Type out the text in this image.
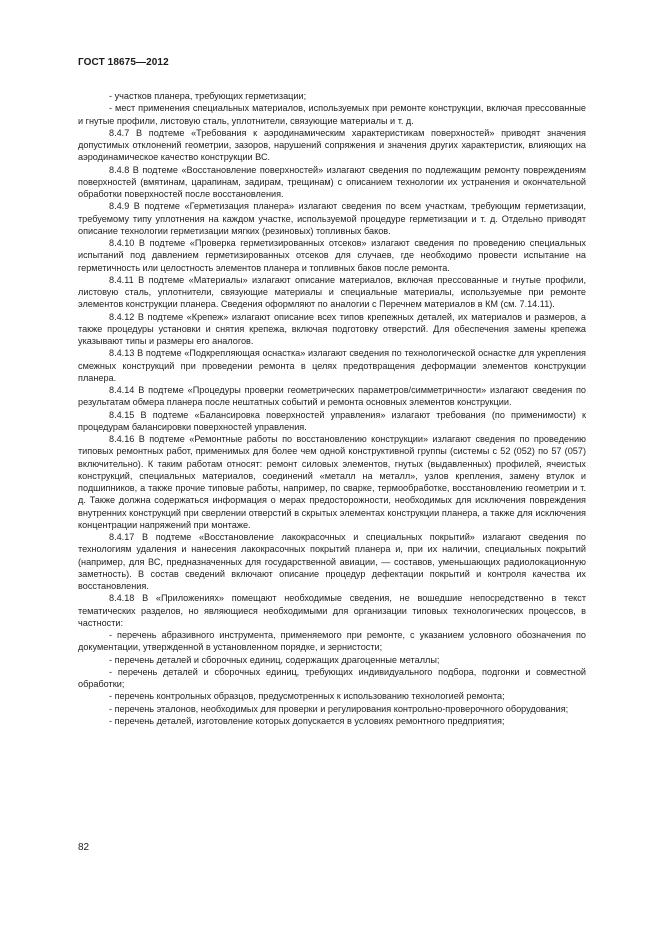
ГОСТ 18675—2012

- участков планера, требующих герметизации;

- мест применения специальных материалов, используемых при ремонте конструкции, включая прессованные и гнутые профили, листовую сталь, уплотнители, связующие материалы и т. д.

8.4.7 В подтеме «Требования к аэродинамическим характеристикам поверхностей» приводят значения допустимых отклонений геометрии, зазоров, нарушений сопряжения и значения других характеристик, влияющих на аэродинамическое качество конструкции ВС.

8.4.8 В подтеме «Восстановление поверхностей» излагают сведения по подлежащим ремонту повреждениям поверхностей (вмятинам, царапинам, задирам, трещинам) с описанием технологии их устранения и окончательной обработки поверхностей после восстановления.

8.4.9 В подтеме «Герметизация планера» излагают сведения по всем участкам, требующим герметизации, требуемому типу уплотнения на каждом участке, используемой процедуре герметизации и т. д. Отдельно приводят описание технологии герметизации мягких (резиновых) топливных баков.

8.4.10 В подтеме «Проверка герметизированных отсеков» излагают сведения по проведению специальных испытаний под давлением герметизированных отсеков для случаев, где необходимо провести испытание на герметичность или целостность элементов планера и топливных баков после ремонта.

8.4.11 В подтеме «Материалы» излагают описание материалов, включая прессованные и гнутые профили, листовую сталь, уплотнители, связующие материалы и специальные материалы, используемые при ремонте элементов конструкции планера. Сведения оформляют по аналогии с Перечнем материалов в КМ (см. 7.14.11).

8.4.12 В подтеме «Крепеж» излагают описание всех типов крепежных деталей, их материалов и размеров, а также процедуры установки и снятия крепежа, включая подготовку отверстий. Для обеспечения замены крепежа указывают типы и размеры его аналогов.

8.4.13 В подтеме «Подкрепляющая оснастка» излагают сведения по технологической оснастке для укрепления смежных конструкций при проведении ремонта в целях предотвращения деформации элементов конструкции планера.

8.4.14 В подтеме «Процедуры проверки геометрических параметров/симметричности» излагают сведения по результатам обмера планера после нештатных событий и ремонта основных элементов конструкции.

8.4.15 В подтеме «Балансировка поверхностей управления» излагают требования (по применимости) к процедурам балансировки поверхностей управления.

8.4.16 В подтеме «Ремонтные работы по восстановлению конструкции» излагают сведения по проведению типовых ремонтных работ, применимых для более чем одной конструктивной группы (системы с 52 (052) по 57 (057) включительно). К таким работам относят: ремонт силовых элементов, гнутых (выдавленных) профилей, ячеистых конструкций, специальных материалов, соединений «металл на металл», узлов крепления, замену втулок и подшипников, а также прочие типовые работы, например, по сварке, термообработке, восстановлению геометрии и т. д. Также должна содержаться информация о мерах предосторожности, необходимых для исключения повреждения внутренних конструкций при сверлении отверстий в скрытых элементах конструкции планера, а также для исключения концентрации напряжений при монтаже.

8.4.17 В подтеме «Восстановление лакокрасочных и специальных покрытий» излагают сведения по технологиям удаления и нанесения лакокрасочных покрытий планера и, при их наличии, специальных покрытий (например, для ВС, предназначенных для государственной авиации, — составов, уменьшающих радиолокационную заметность). В состав сведений включают описание процедур дефектации покрытий и контроля качества их восстановления.

8.4.18 В «Приложениях» помещают необходимые сведения, не вошедшие непосредственно в текст тематических разделов, но являющиеся необходимыми для организации типовых технологических процессов, в частности:

- перечень абразивного инструмента, применяемого при ремонте, с указанием условного обозначения по документации, утвержденной в установленном порядке, и зернистости;

- перечень деталей и сборочных единиц, содержащих драгоценные металлы;

- перечень деталей и сборочных единиц, требующих индивидуального подбора, подгонки и совместной обработки;

- перечень контрольных образцов, предусмотренных к использованию технологией ремонта;

- перечень эталонов, необходимых для проверки и регулирования контрольно-проверочного оборудования;

- перечень деталей, изготовление которых допускается в условиях ремонтного предприятия;

82
